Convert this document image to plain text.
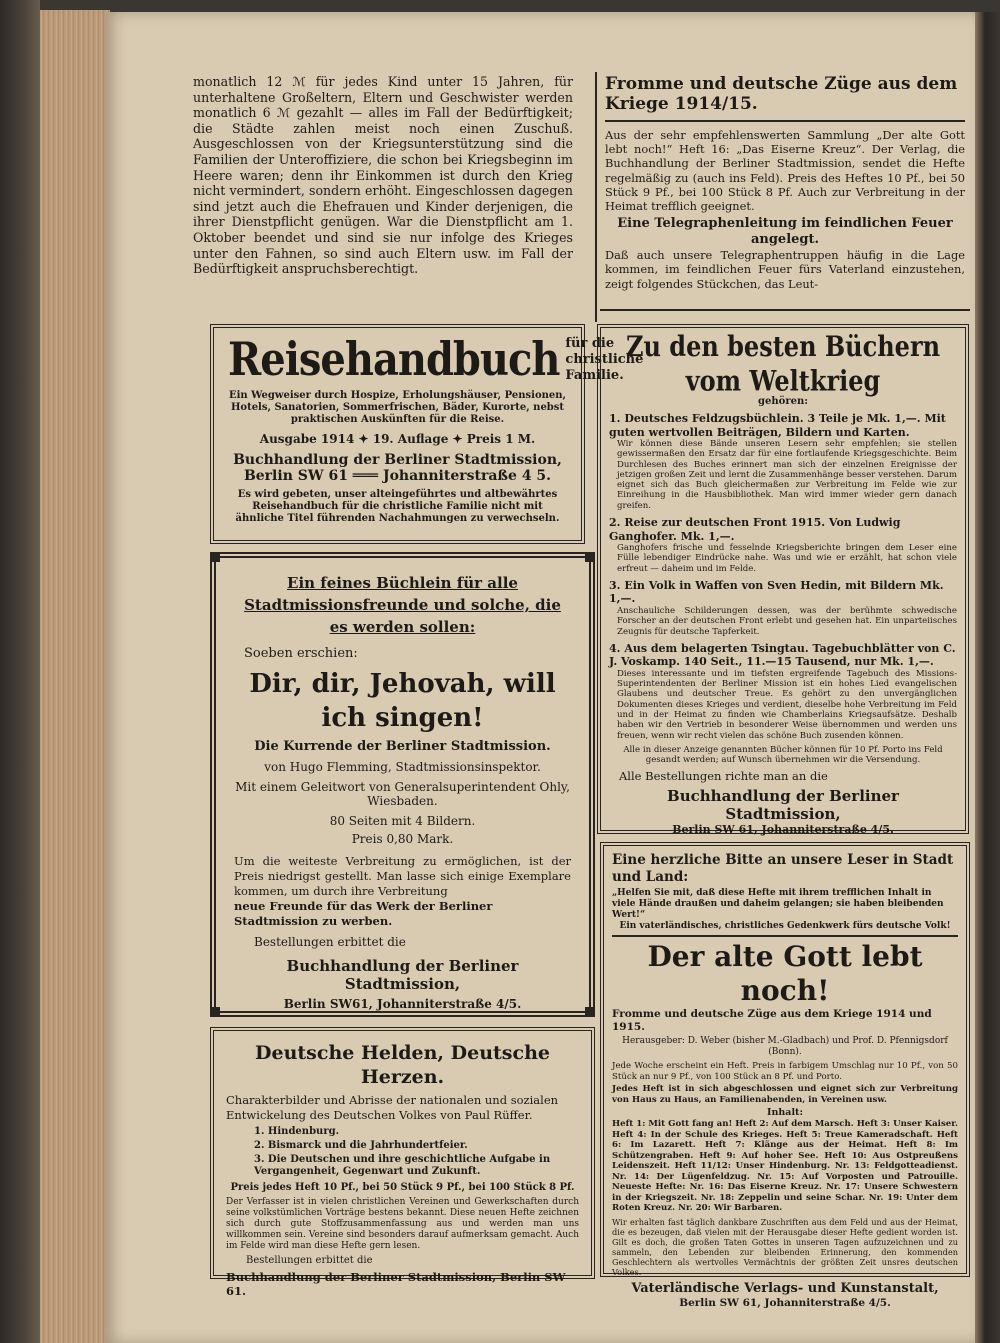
monatlich 12 ℳ für jedes Kind unter 15 Jahren, für unterhaltene Großeltern, Eltern und Geschwister werden monatlich 6 ℳ gezahlt — alles im Fall der Bedürftigkeit; die Städte zahlen meist noch einen Zuschuß. Ausgeschlossen von der Kriegsunterstützung sind die Familien der Unteroffiziere, die schon bei Kriegsbeginn im Heere waren; denn ihr Einkommen ist durch den Krieg nicht vermindert, sondern erhöht. Eingeschlossen dagegen sind jetzt auch die Ehefrauen und Kinder derjenigen, die ihrer Dienstpflicht genügen. War die Dienstpflicht am 1. Oktober beendet und sind sie nur infolge des Krieges unter den Fahnen, so sind auch Eltern usw. im Fall der Bedürftigkeit anspruchsberechtigt.

Fromme und deutsche Züge aus dem Kriege 1914/15.

Aus der sehr empfehlenswerten Sammlung „Der alte Gott lebt noch!“ Heft 16: „Das Eiserne Kreuz“. Der Verlag, die Buchhandlung der Berliner Stadtmission, sendet die Hefte regelmäßig zu (auch ins Feld). Preis des Heftes 10 Pf., bei 50 Stück 9 Pf., bei 100 Stück 8 Pf. Auch zur Verbreitung in der Heimat trefflich geeignet.

Eine Telegraphenleitung im feindlichen Feuer angelegt.

Daß auch unsere Telegraphentruppen häufig in die Lage kommen, im feindlichen Feuer fürs Vaterland einzustehen, zeigt folgendes Stückchen, das Leut-

Reisehandbuch für die christliche Familie.

Ein Wegweiser durch Hospize, Erholungshäuser, Pensionen, Hotels, Sanatorien, Sommerfrischen, Bäder, Kurorte, nebst praktischen Auskünften für die Reise.

Ausgabe 1914 ✦ 19. Auflage ✦ Preis 1 M.

Buchhandlung der Berliner Stadtmission,

Berlin SW 61 ═══ Johanniterstraße 4 5.

Es wird gebeten, unser alteingeführtes und altbewährtes Reisehandbuch für die christliche Familie nicht mit ähnliche Titel führenden Nachahmungen zu verwechseln.

Ein feines Büchlein für alle Stadtmissionsfreunde und solche, die es werden sollen:

Soeben erschien:

Dir, dir, Jehovah, will ich singen!

Die Kurrende der Berliner Stadtmission.

von Hugo Flemming, Stadtmissionsinspektor.

Mit einem Geleitwort von Generalsuperintendent Ohly, Wiesbaden.

80 Seiten mit 4 Bildern.

Preis 0,80 Mark.

Um die weiteste Verbreitung zu ermöglichen, ist der Preis niedrigst gestellt. Man lasse sich einige Exemplare kommen, um durch ihre Verbreitung

neue Freunde für das Werk der Berliner Stadtmission zu werben.

Bestellungen erbittet die

Buchhandlung der Berliner Stadtmission,

Berlin SW61, Johanniterstraße 4/5.

Deutsche Helden, Deutsche Herzen.

Charakterbilder und Abrisse der nationalen und sozialen Entwickelung des Deutschen Volkes von Paul Rüffer.

1. Hindenburg.

2. Bismarck und die Jahrhundertfeier.

3. Die Deutschen und ihre geschichtliche Aufgabe in Vergangenheit, Gegenwart und Zukunft.

Preis jedes Heft 10 Pf., bei 50 Stück 9 Pf., bei 100 Stück 8 Pf.

Der Verfasser ist in vielen christlichen Vereinen und Gewerkschaften durch seine volkstümlichen Vorträge bestens bekannt. Diese neuen Hefte zeichnen sich durch gute Stoffzusammenfassung aus und werden man uns willkommen sein. Vereine sind besonders darauf aufmerksam gemacht. Auch im Felde wird man diese Hefte gern lesen.

Bestellungen erbittet die

Buchhandlung der Berliner Stadtmission, Berlin SW 61.

Zu den besten Büchern vom Weltkrieg

gehören:

1. Deutsches Feldzugsbüchlein. 3 Teile je Mk. 1,—. Mit guten wertvollen Beiträgen, Bildern und Karten.

Wir können diese Bände unseren Lesern sehr empfehlen; sie stellen gewissermaßen den Ersatz dar für eine fortlaufende Kriegsgeschichte. Beim Durchlesen des Buches erinnert man sich der einzelnen Ereignisse der jetzigen großen Zeit und lernt die Zusammenhänge besser verstehen. Darum eignet sich das Buch gleichermaßen zur Verbreitung im Felde wie zur Einreihung in die Hausbibliothek. Man wird immer wieder gern danach greifen.

2. Reise zur deutschen Front 1915. Von Ludwig Ganghofer. Mk. 1,—.

Ganghofers frische und fesselnde Kriegsberichte bringen dem Leser eine Fülle lebendiger Eindrücke nahe. Was und wie er erzählt, hat schon viele erfreut — daheim und im Felde.

3. Ein Volk in Waffen von Sven Hedin, mit Bildern Mk. 1,—.

Anschauliche Schilderungen dessen, was der berühmte schwedische Forscher an der deutschen Front erlebt und gesehen hat. Ein unparteiisches Zeugnis für deutsche Tapferkeit.

4. Aus dem belagerten Tsingtau. Tagebuchblätter von C. J. Voskamp. 140 Seit., 11.—15 Tausend, nur Mk. 1,—.

Dieses interessante und im tiefsten ergreifende Tagebuch des Missions-Superintendenten der Berliner Mission ist ein hohes Lied evangelischen Glaubens und deutscher Treue. Es gehört zu den unvergänglichen Dokumenten dieses Krieges und verdient, dieselbe hohe Verbreitung im Feld und in der Heimat zu finden wie Chamberlains Kriegsaufsätze. Deshalb haben wir den Vertrieb in besonderer Weise übernommen und werden uns freuen, wenn wir recht vielen das schöne Buch zusenden können.

Alle in dieser Anzeige genannten Bücher können für 10 Pf. Porto ins Feld gesandt werden; auf Wunsch übernehmen wir die Versendung.

Alle Bestellungen richte man an die

Buchhandlung der Berliner Stadtmission,

Berlin SW 61, Johanniterstraße 4/5.

Eine herzliche Bitte an unsere Leser in Stadt und Land:

„Helfen Sie mit, daß diese Hefte mit ihrem trefflichen Inhalt in viele Hände draußen und daheim gelangen; sie haben bleibenden Wert!“

Ein vaterländisches, christliches Gedenkwerk fürs deutsche Volk!

Der alte Gott lebt noch!

Fromme und deutsche Züge aus dem Kriege 1914 und 1915.

Herausgeber: D. Weber (bisher M.-Gladbach) und Prof. D. Pfennigsdorf (Bonn).

Jede Woche erscheint ein Heft. Preis in farbigem Umschlag nur 10 Pf., von 50 Stück an nur 9 Pf., von 100 Stück an 8 Pf. und Porto.

Jedes Heft ist in sich abgeschlossen und eignet sich zur Verbreitung von Haus zu Haus, an Familienabenden, in Vereinen usw.

Inhalt:

Heft 1: Mit Gott fang an! Heft 2: Auf dem Marsch. Heft 3: Unser Kaiser. Heft 4: In der Schule des Krieges. Heft 5: Treue Kameradschaft. Heft 6: Im Lazarett. Heft 7: Klänge aus der Heimat. Heft 8: Im Schützengraben. Heft 9: Auf hoher See. Heft 10: Aus Ostpreußens Leidenszeit. Heft 11/12: Unser Hindenburg. Nr. 13: Feldgotteadienst. Nr. 14: Der Lügenfeldzug. Nr. 15: Auf Vorposten und Patrouille. Neueste Hefte: Nr. 16: Das Eiserne Kreuz. Nr. 17: Unsere Schwestern in der Kriegszeit. Nr. 18: Zeppelin und seine Schar. Nr. 19: Unter dem Roten Kreuz. Nr. 20: Wir Barbaren.

Wir erhalten fast täglich dankbare Zuschriften aus dem Feld und aus der Heimat, die es bezeugen, daß vielen mit der Herausgabe dieser Hefte gedient worden ist. Gilt es doch, die großen Taten Gottes in unseren Tagen aufzuzeichnen und zu sammeln, den Lebenden zur bleibenden Erinnerung, den kommenden Geschlechtern als wertvolles Vermächtnis der größten Zeit unsres deutschen Volkes.

Vaterländische Verlags- und Kunstanstalt,

Berlin SW 61, Johanniterstraße 4/5.
